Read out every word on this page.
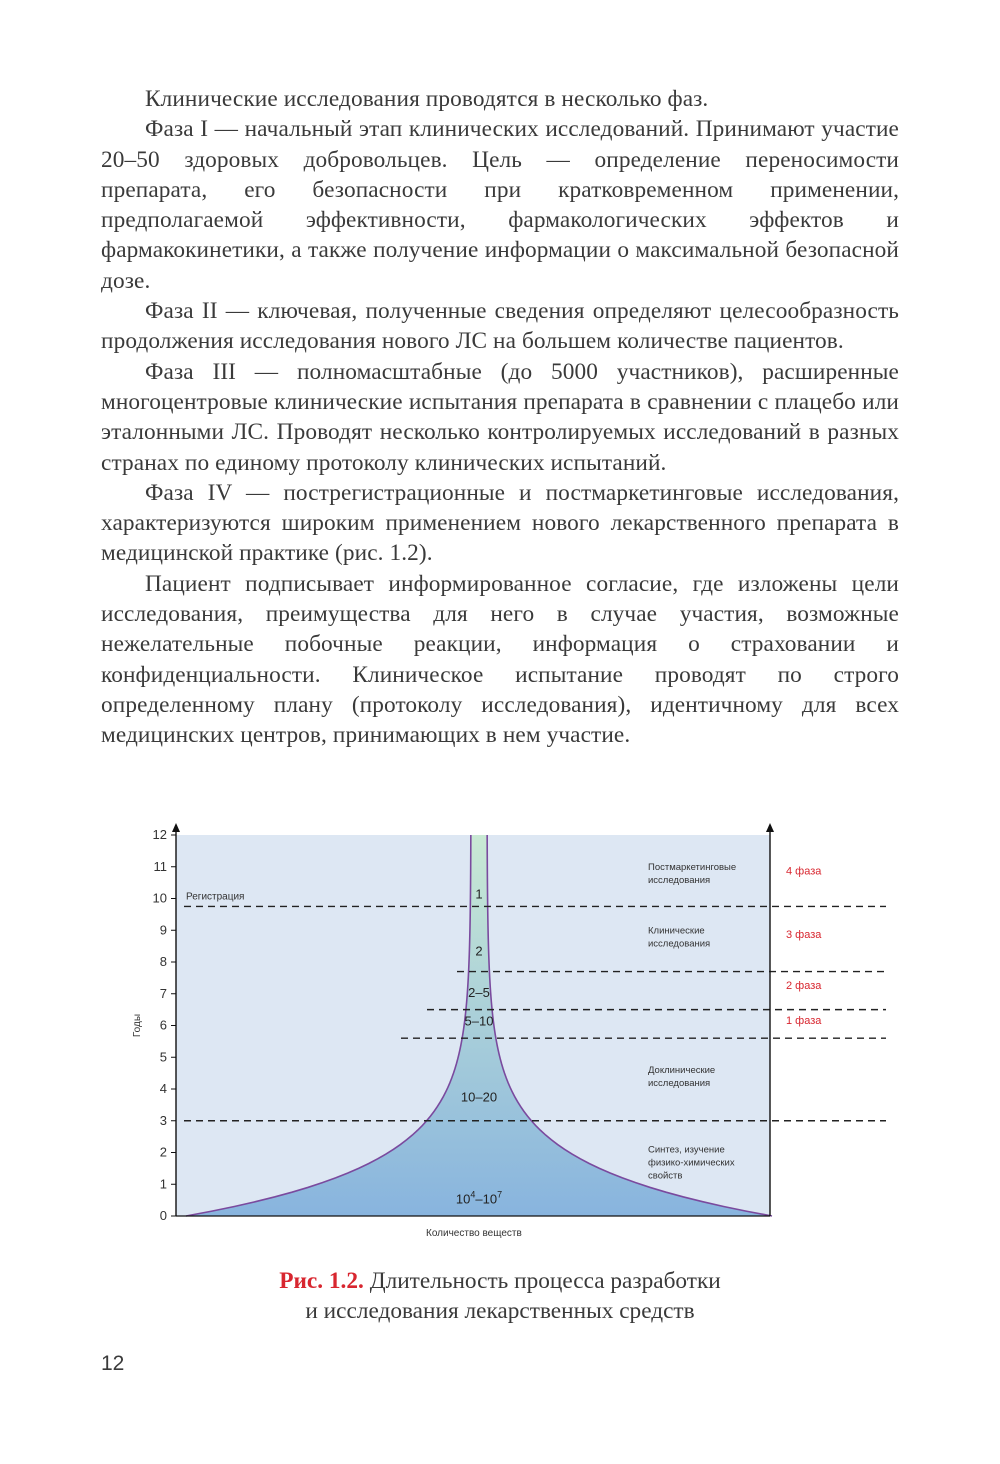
Клинические исследования проводятся в несколько фаз.

Фаза I — начальный этап клинических исследований. Принимают участие 20–50 здоровых добровольцев. Цель — определение переносимости препарата, его безопасности при кратковременном применении, предполагаемой эффективности, фармакологических эффектов и фармакокинетики, а также получение информации о максимальной безопасной дозе.

Фаза II — ключевая, полученные сведения определяют целесообразность продолжения исследования нового ЛС на большем количестве пациентов.

Фаза III — полномасштабные (до 5000 участников), расширенные многоцентровые клинические испытания препарата в сравнении с плацебо или эталонными ЛС. Проводят несколько контролируемых исследований в разных странах по единому протоколу клинических испытаний.

Фаза IV — пострегистрационные и постмаркетинговые исследования, характеризуются широким применением нового лекарственного препарата в медицинской практике (рис. 1.2).

Пациент подписывает информированное согласие, где изложены цели исследования, преимущества для него в случае участия, возможные нежелательные побочные реакции, информация о страховании и конфиденциальности. Клиническое испытание проводят по строго определенному плану (протоколу исследования), идентичному для всех медицинских центров, принимающих в нем участие.

0
1
2
3
4
5
6
7
8
9
10
11
12
Годы
Количество веществ
Регистрация	1
2
2–5
5–10
10–20
$10^4-10^7$
Постмаркетинговые
исследования
Клинические
исследования
Доклинические
исследования
Синтез, изучение
физико-химических
свойств
4 фаза
3 фаза
2 фаза
1 фаза
Рис. 1.2. Длительность процесса разработки
и исследования лекарственных средств
12
